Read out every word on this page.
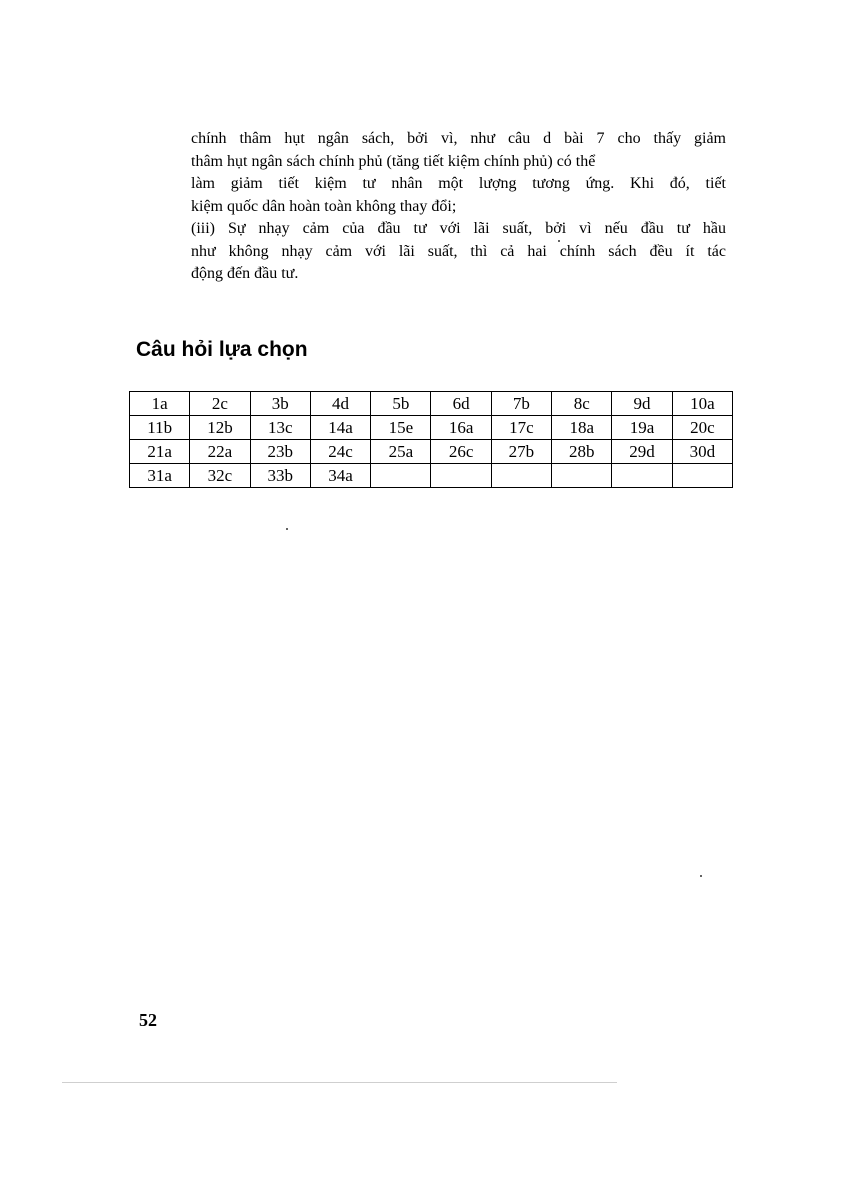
chính thâm hụt ngân sách, bởi vì, như câu d bài 7 cho thấy giảm
thâm hụt ngân sách chính phủ (tăng tiết kiệm chính phủ) có thể
làm giảm tiết kiệm tư nhân một lượng tương ứng. Khi đó, tiết
kiệm quốc dân hoàn toàn không thay đổi;
(iii) Sự nhạy cảm của đầu tư với lãi suất, bởi vì nếu đầu tư hầu
như không nhạy cảm với lãi suất, thì cả hai chính sách đều ít tác
động đến đầu tư.
Câu hỏi lựa chọn
1a	2c	3b	4d	5b	6d	7b	8c	9d	10a
11b	12b	13c	14a	15e	16a	17c	18a	19a	20c
21a	22a	23b	24c	25a	26c	27b	28b	29d	30d
31a	32c	33b	34a						
52
